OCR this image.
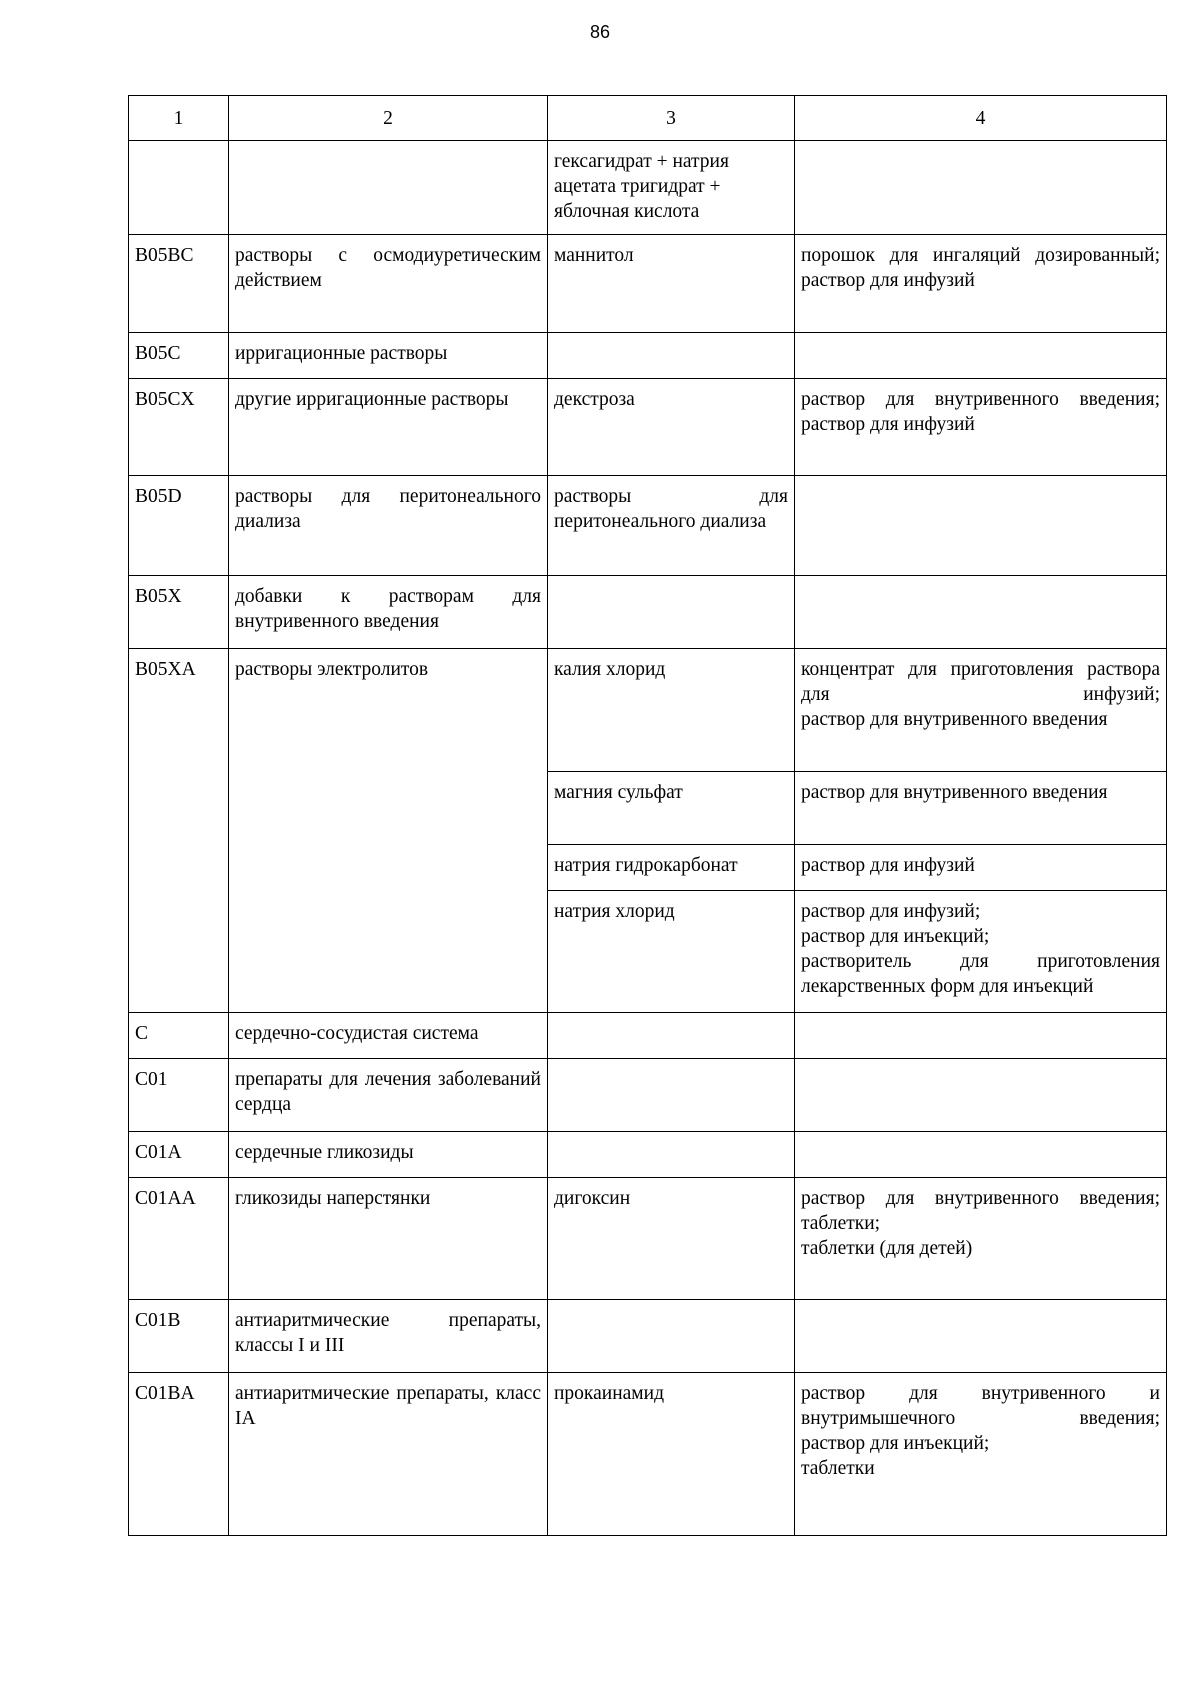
86
1	2	3	4
		гексагидрат + натрия ацетата тригидрат + яблочная кислота	
B05BC	растворы с осмодиуретическим действием	маннитол	порошок для ингаляций дозированный;
раствор для инфузий

B05C	ирригационные растворы		
B05CX	другие ирригационные растворы	декстроза	раствор для внутривенного введения;
раствор для инфузий

B05D	растворы для перитонеального диализа	растворы для перитонеального диализа	
B05X	добавки к растворам для внутривенного введения		
B05XA	растворы электролитов	калия хлорид	концентрат для приготовления раствора для инфузий;
раствор для внутривенного введения

		магния сульфат	раствор для внутривенного введения

		натрия гидрокарбонат	раствор для инфузий

		натрия хлорид	раствор для инфузий;
раствор для инъекций;
растворитель для приготовления лекарственных форм для инъекций

C	сердечно-сосудистая система		
C01	препараты для лечения заболеваний сердца		
C01A	сердечные гликозиды		
C01AA	гликозиды наперстянки	дигоксин	раствор для внутривенного введения;
таблетки;
таблетки (для детей)

C01B	антиаритмические препараты, классы I и III		
C01BA	антиаритмические препараты, класс IA	прокаинамид	раствор для внутривенного и внутримышечного введения;
раствор для инъекций;
таблетки
